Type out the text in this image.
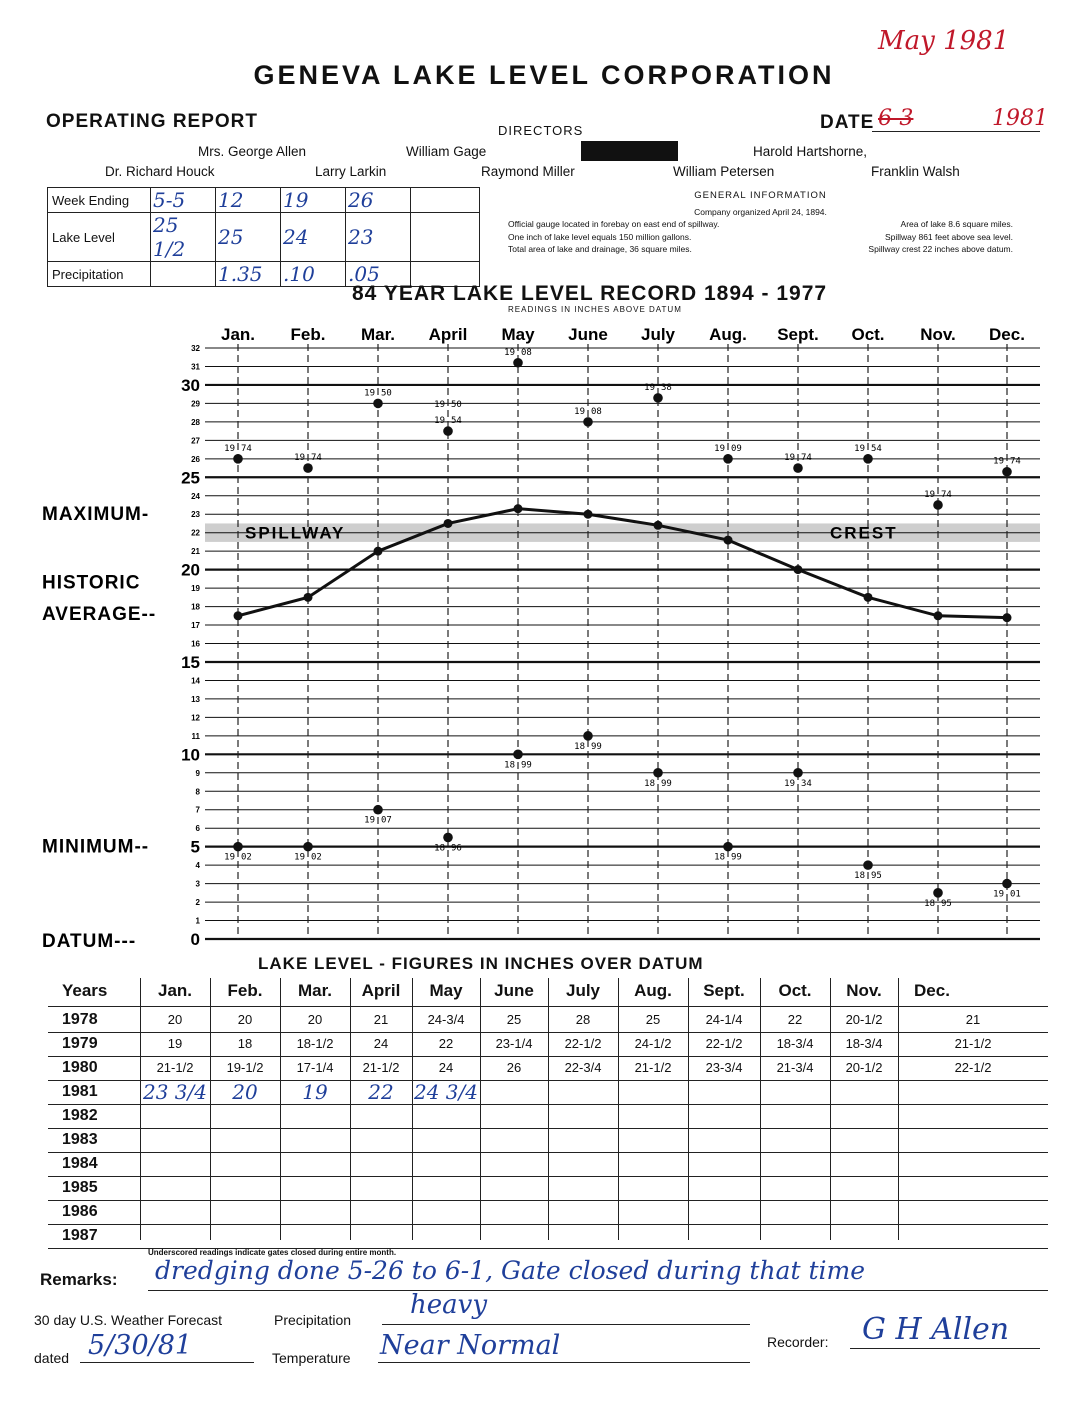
May 1981
GENEVA LAKE LEVEL CORPORATION
OPERATING REPORT	DIRECTORS	DATE 6-3	1981
Mrs. George Allen	William Gage	Harold Hartshorne,
Dr. Richard Houck	Larry Larkin	Raymond Miller	William Petersen	Franklin Walsh
Week Ending	5-5	12	19	26	
Lake Level	25 1/2	25	24	23	
Precipitation		1.35	.10	.05	
GENERAL INFORMATION
Company organized April 24, 1894.
Official gauge located in forebay on east end of spillway.	Area of lake 8.6 square miles.
One inch of lake level equals 150 million gallons.	Spillway 861 feet above sea level.
Total area of lake and drainage, 36 square miles.	Spillway crest 22 inches above datum.
84 YEAR LAKE LEVEL RECORD 1894 - 1977
READINGS IN INCHES ABOVE DATUM
0
1
2
3
4
5
6
7
8
9
10
11
12
13
14
15
16
17
18
19
20
21
22
23
24
25
26
27
28
29
30
31
32
Jan. Feb. Mar. April May June July Aug. Sept. Oct. Nov. Dec.
MAXIMUM-
HISTORIC
AVERAGE--
MINIMUM--
DATUM---
SPILLWAY	CREST
19 74
19 74
19 50
19 54
19 08
19 08
19 38
19 09
19 74
19 54
19 74
19 74
19 02	19 02
19 07
18 96
18 99
18 99
18 99
18 99
19 34
18 95
18 95
19 01
19 50
LAKE LEVEL - FIGURES IN INCHES OVER DATUM
Years	Jan.	Feb.	Mar.	April	May	June	July	Aug.	Sept.	Oct.	Nov.	Dec.
1978	20	20	20	21	24-3/4	25	28	25	24-1/4	22	20-1/2	21
1979	19	18	18-1/2	24	22	23-1/4	22-1/2	24-1/2	22-1/2	18-3/4	18-3/4	21-1/2
1980	21-1/2	19-1/2	17-1/4	21-1/2	24	26	22-3/4	21-1/2	23-3/4	21-3/4	20-1/2	22-1/2
1981	23 3/4	20	19	22	24 3/4
1982
1983
1984
1985
1986
1987
Underscored readings indicate gates closed during entire month.
Remarks: dredging done 5-26 to 6-1, Gate closed during that time
30 day U.S. Weather Forecast	Precipitation heavy
dated 5/30/81	Temperature Near Normal	Recorder: G H Allen
